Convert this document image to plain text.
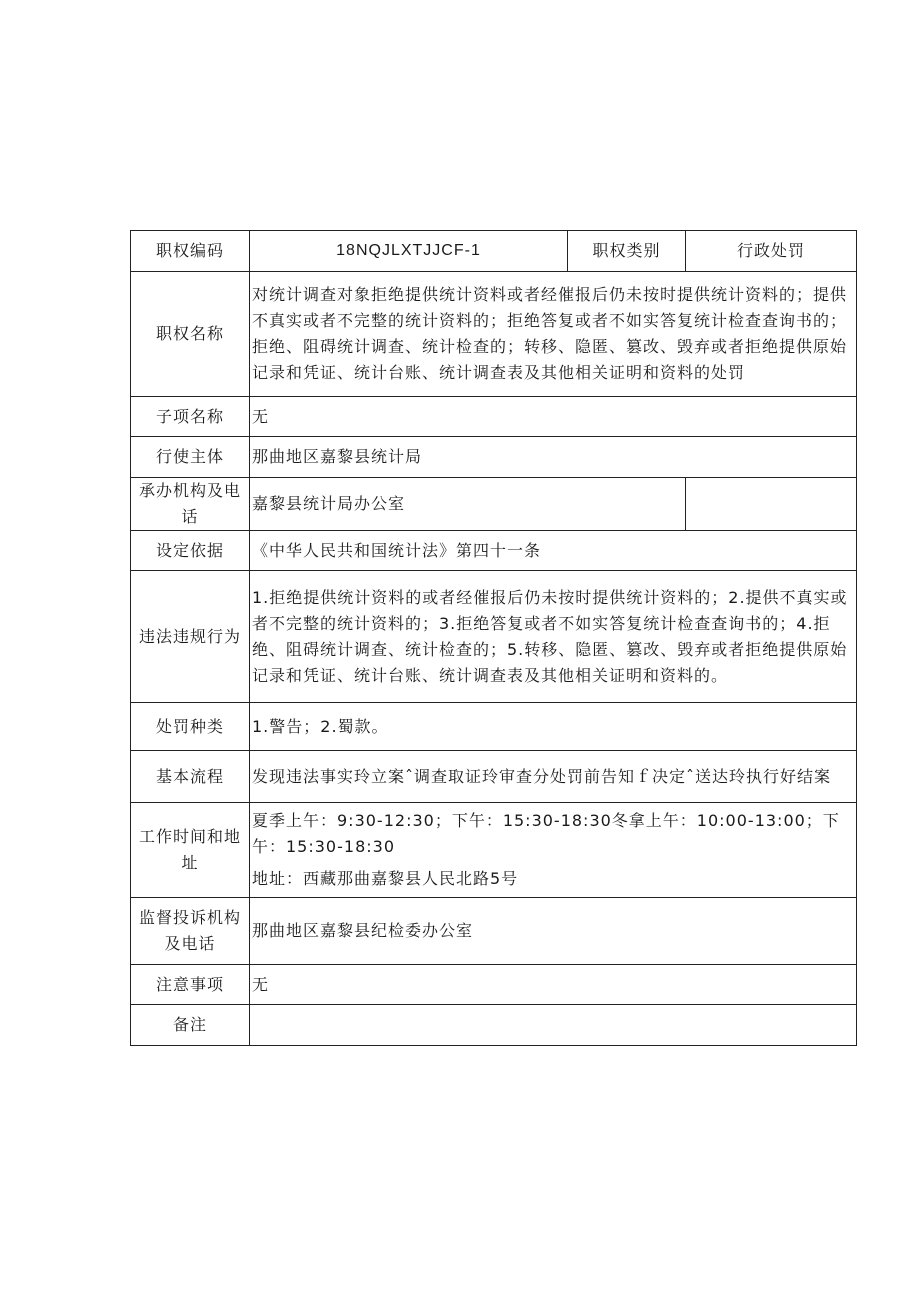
职权编码	18NQJLXTJJCF-1	职权类别	行政处罚
职权名称	对统计调查对象拒绝提供统计资料或者经催报后仍未按时提供统计资料的；提供不真实或者不完整的统计资料的；拒绝答复或者不如实答复统计检查查询书的；拒绝、阻碍统计调查、统计检查的；转移、隐匿、篡改、毁弃或者拒绝提供原始记录和凭证、统计台账、统计调查表及其他相关证明和资料的处罚		
子项名称	无		
行使主体	那曲地区嘉黎县统计局		
承办机构及电话	嘉黎县统计局办公室		
设定依据	《中华人民共和国统计法》第四十一条		
违法违规行为	1.拒绝提供统计资料的或者经催报后仍未按时提供统计资料的；2.提供不真实或者不完整的统计资料的；3.拒绝答复或者不如实答复统计检查查询书的；4.拒绝、阻碍统计调查、统计检查的；5.转移、隐匿、篡改、毁弃或者拒绝提供原始记录和凭证、统计台账、统计调查表及其他相关证明和资料的。		
处罚种类	1.警告；2.蜀款。		
基本流程	发现违法事实玲立案ˆ调查取证玲审查分处罚前告知ｆ决定ˆ送达玲执行好结案		
工作时间和地址	夏季上午：9:30-12:30；下午：15:30-18:30冬拿上午：10:00-13:00；下午：15:30-18:30
地址：西藏那曲嘉黎县人民北路5号		

监督投诉机构及电话	那曲地区嘉黎县纪检委办公室		
注意事项	无		
备注			
